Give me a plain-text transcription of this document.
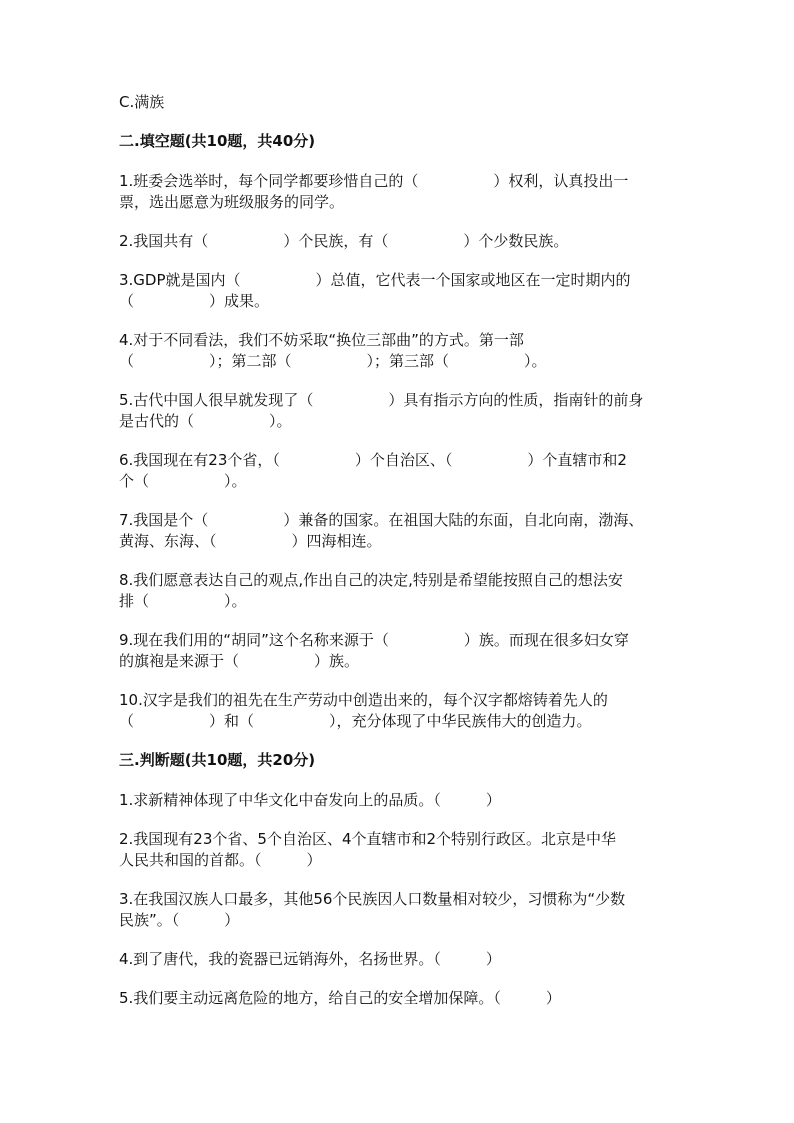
C.满族
二.填空题(共10题，共40分)
1.班委会选举时，每个同学都要珍惜自己的（　　　　　）权利，认真投出一
票，选出愿意为班级服务的同学。
2.我国共有（　　　　　）个民族，有（　　　　　）个少数民族。
3.GDP就是国内（　　　　　）总值，它代表一个国家或地区在一定时期内的
（　　　　　）成果。
4.对于不同看法，我们不妨采取“换位三部曲”的方式。第一部
（　　　　　）；第二部（　　　　　）；第三部（　　　　　）。
5.古代中国人很早就发现了（　　　　　）具有指示方向的性质，指南针的前身
是古代的（　　　　　）。
6.我国现在有23个省，（　　　　　）个自治区、（　　　　　）个直辖市和2
个（　　　　　）。
7.我国是个（　　　　　）兼备的国家。在祖国大陆的东面，自北向南，渤海、
黄海、东海、（　　　　　）四海相连。
8.我们愿意表达自己的观点,作出自己的决定,特别是希望能按照自己的想法安
排（　　　　　）。
9.现在我们用的“胡同”这个名称来源于（　　　　　）族。而现在很多妇女穿
的旗袍是来源于（　　　　　）族。
10.汉字是我们的祖先在生产劳动中创造出来的，每个汉字都熔铸着先人的
（　　　　　）和（　　　　　），充分体现了中华民族伟大的创造力。
三.判断题(共10题，共20分)
1.求新精神体现了中华文化中奋发向上的品质。（　　　）
2.我国现有23个省、5个自治区、4个直辖市和2个特别行政区。北京是中华
人民共和国的首都。（　　　）
3.在我国汉族人口最多，其他56个民族因人口数量相对较少，习惯称为“少数
民族”。（　　　）
4.到了唐代，我的瓷器已远销海外，名扬世界。（　　　）
5.我们要主动远离危险的地方，给自己的安全增加保障。（　　　）
